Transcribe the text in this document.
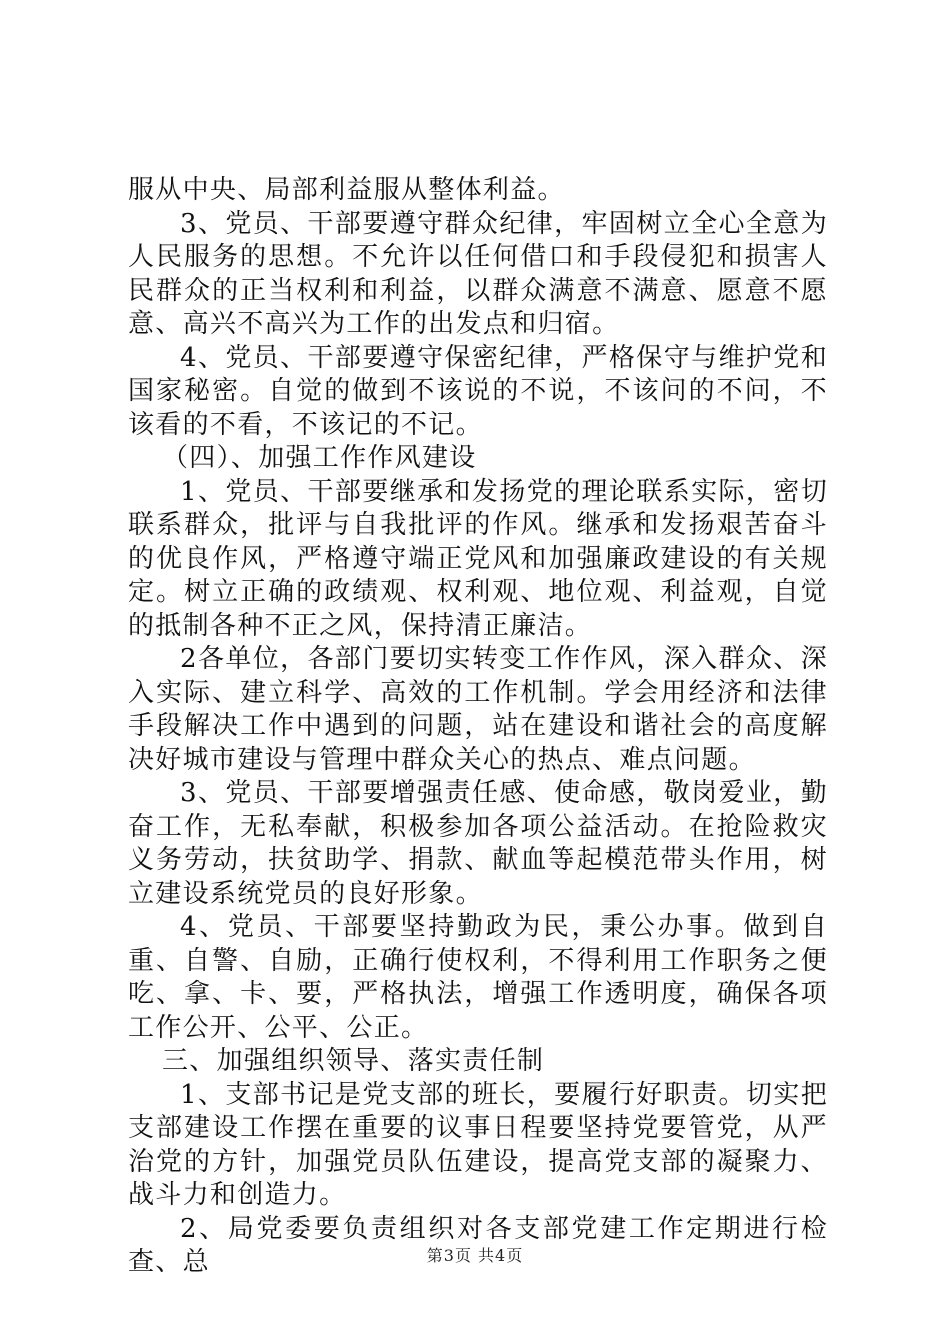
服从中央、局部利益服从整体利益。

3、党员、干部要遵守群众纪律，牢固树立全心全意为人民服务的思想。不允许以任何借口和手段侵犯和损害人民群众的正当权利和利益，以群众满意不满意、愿意不愿意、高兴不高兴为工作的出发点和归宿。

4、党员、干部要遵守保密纪律，严格保守与维护党和国家秘密。自觉的做到不该说的不说，不该问的不问，不该看的不看，不该记的不记。

（四）、加强工作作风建设

1、党员、干部要继承和发扬党的理论联系实际，密切联系群众，批评与自我批评的作风。继承和发扬艰苦奋斗的优良作风，严格遵守端正党风和加强廉政建设的有关规定。树立正确的政绩观、权利观、地位观、利益观，自觉的抵制各种不正之风，保持清正廉洁。

2各单位，各部门要切实转变工作作风，深入群众、深入实际、建立科学、高效的工作机制。学会用经济和法律手段解决工作中遇到的问题，站在建设和谐社会的高度解决好城市建设与管理中群众关心的热点、难点问题。

3、党员、干部要增强责任感、使命感，敬岗爱业，勤奋工作，无私奉献，积极参加各项公益活动。在抢险救灾义务劳动，扶贫助学、捐款、献血等起模范带头作用，树立建设系统党员的良好形象。

4、党员、干部要坚持勤政为民，秉公办事。做到自重、自警、自励，正确行使权利，不得利用工作职务之便吃、拿、卡、要，严格执法，增强工作透明度，确保各项工作公开、公平、公正。

三、加强组织领导、落实责任制

1、支部书记是党支部的班长，要履行好职责。切实把支部建设工作摆在重要的议事日程要坚持党要管党，从严治党的方针，加强党员队伍建设，提高党支部的凝聚力、战斗力和创造力。

2、局党委要负责组织对各支部党建工作定期进行检查、总	第3页 共4页
